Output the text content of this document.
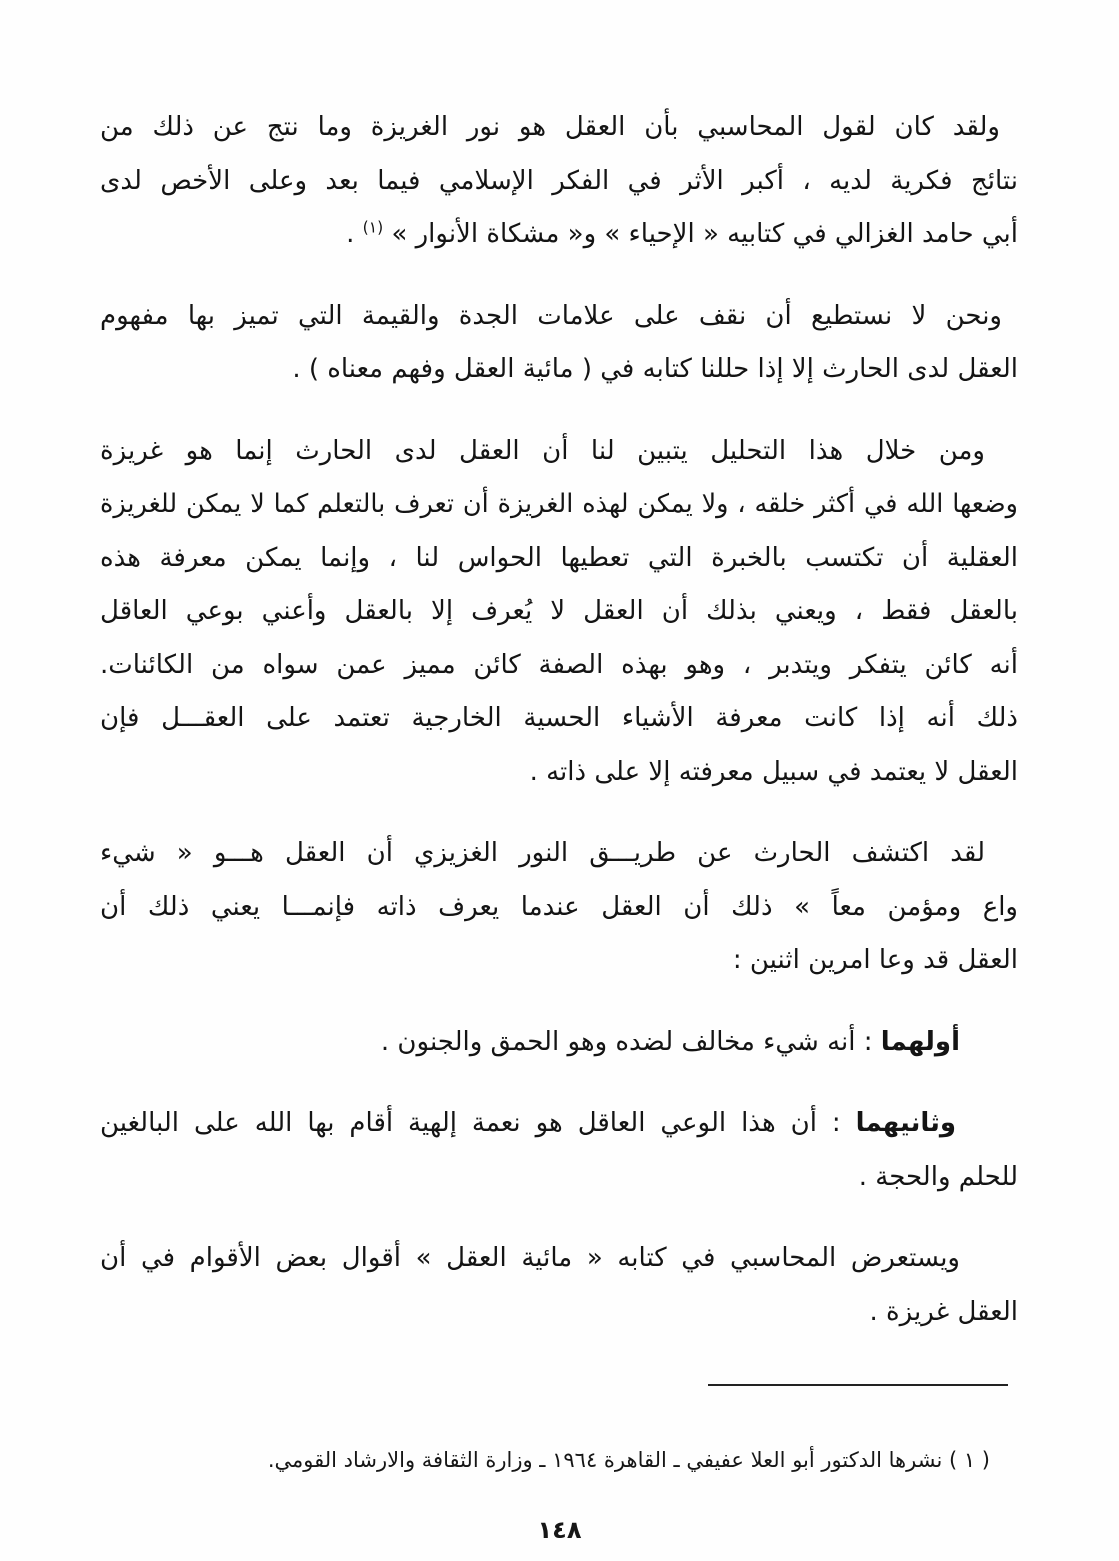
ولقد كان لقول المحاسبي بأن العقل هو نور الغريزة وما نتج عن ذلك من
نتائج فكرية لديه ، أكبر الأثر في الفكر الإسلامي فيما بعد وعلى الأخص لدى
أبي حامد الغزالي في كتابيه « الإحياء » و« مشكاة الأنوار » $^{(١)}$ .
ونحن لا نستطيع أن نقف على علامات الجدة والقيمة التي تميز بها مفهوم
العقل لدى الحارث إلا إذا حللنا كتابه في ( مائية العقل وفهم معناه ) .
ومن خلال هذا التحليل يتبين لنا أن العقل لدى الحارث إنما هو غريزة
وضعها الله في أكثر خلقه ، ولا يمكن لهذه الغريزة أن تعرف بالتعلم كما لا يمكن للغريزة
العقلية أن تكتسب بالخبرة التي تعطيها الحواس لنا ، وإنما يمكن معرفة هذه
بالعقل فقط ، ويعني بذلك أن العقل لا يُعرف إلا بالعقل وأعني بوعي العاقل
أنه كائن يتفكر ويتدبر ، وهو بهذه الصفة كائن مميز عمن سواه من الكائنات.
ذلك أنه إذا كانت معرفة الأشياء الحسية الخارجية تعتمد على العقـــل فإن
العقل لا يعتمد في سبيل معرفته إلا على ذاته .
لقد اكتشف الحارث عن طريـــق النور الغزيزي أن العقل هـــو « شيء
واع ومؤمن معاً » ذلك أن العقل عندما يعرف ذاته فإنمـــا يعني ذلك أن
العقل قد وعا امرين اثنين :
أولهما : أنه شيء مخالف لضده وهو الحمق والجنون .
وثانيهما : أن هذا الوعي العاقل هو نعمة إلهية أقام بها الله على البالغين
للحلم والحجة .
ويستعرض المحاسبي في كتابه « مائية العقل » أقوال بعض الأقوام في أن
العقل غريزة .
( ١ ) نشرها الدكتور أبو العلا عفيفي ـ القاهرة ١٩٦٤ ـ وزارة الثقافة والارشاد القومي.
١٤٨
